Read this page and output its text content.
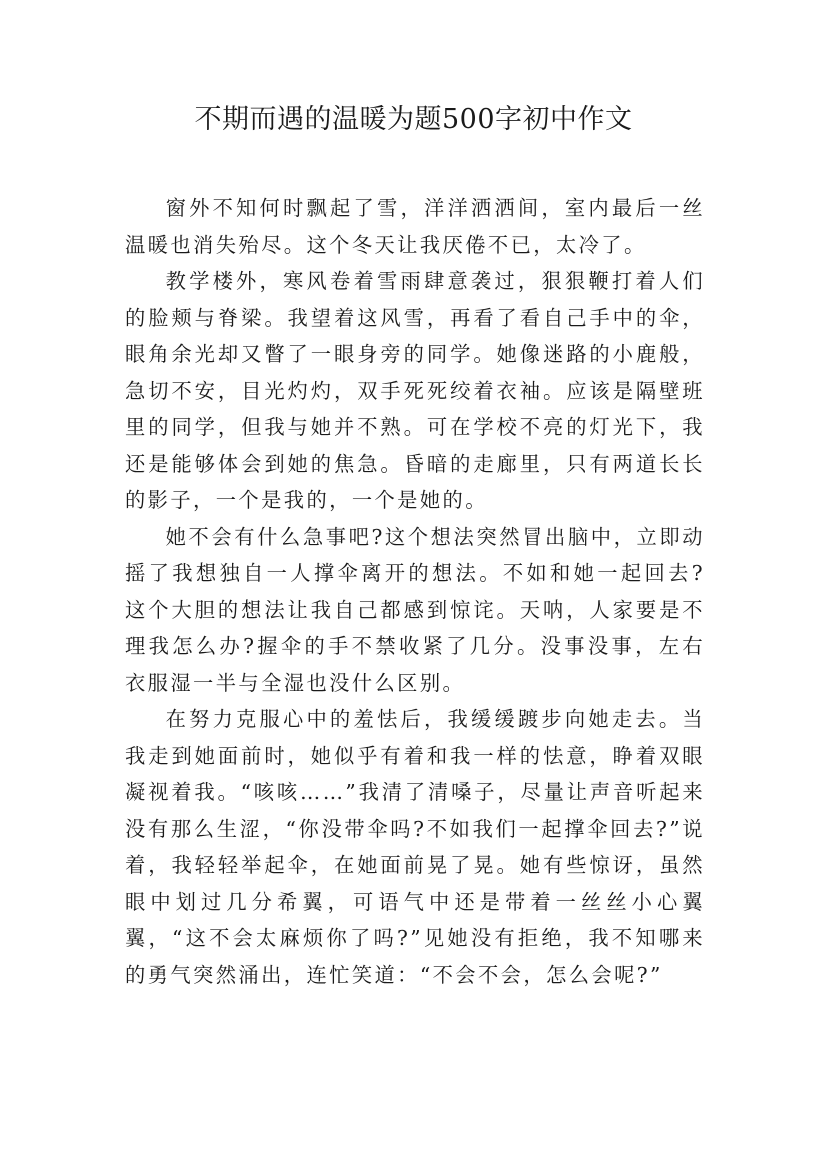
不期而遇的温暖为题500字初中作文

窗外不知何时飘起了雪，洋洋洒洒间，室内最后一丝温暖也消失殆尽。这个冬天让我厌倦不已，太冷了。

教学楼外，寒风卷着雪雨肆意袭过，狠狠鞭打着人们的脸颊与脊梁。我望着这风雪，再看了看自己手中的伞，眼角余光却又瞥了一眼身旁的同学。她像迷路的小鹿般，急切不安，目光灼灼，双手死死绞着衣袖。应该是隔壁班里的同学，但我与她并不熟。可在学校不亮的灯光下，我还是能够体会到她的焦急。昏暗的走廊里，只有两道长长的影子，一个是我的，一个是她的。

她不会有什么急事吧?这个想法突然冒出脑中，立即动摇了我想独自一人撑伞离开的想法。不如和她一起回去?这个大胆的想法让我自己都感到惊诧。天呐，人家要是不理我怎么办?握伞的手不禁收紧了几分。没事没事，左右衣服湿一半与全湿也没什么区别。

在努力克服心中的羞怯后，我缓缓踱步向她走去。当我走到她面前时，她似乎有着和我一样的怯意，睁着双眼凝视着我。“咳咳……”我清了清嗓子，尽量让声音听起来没有那么生涩，“你没带伞吗?不如我们一起撑伞回去?”说着，我轻轻举起伞，在她面前晃了晃。她有些惊讶，虽然眼中划过几分希翼，可语气中还是带着一丝丝小心翼翼，“这不会太麻烦你了吗?”见她没有拒绝，我不知哪来的勇气突然涌出，连忙笑道：“不会不会，怎么会呢?”
